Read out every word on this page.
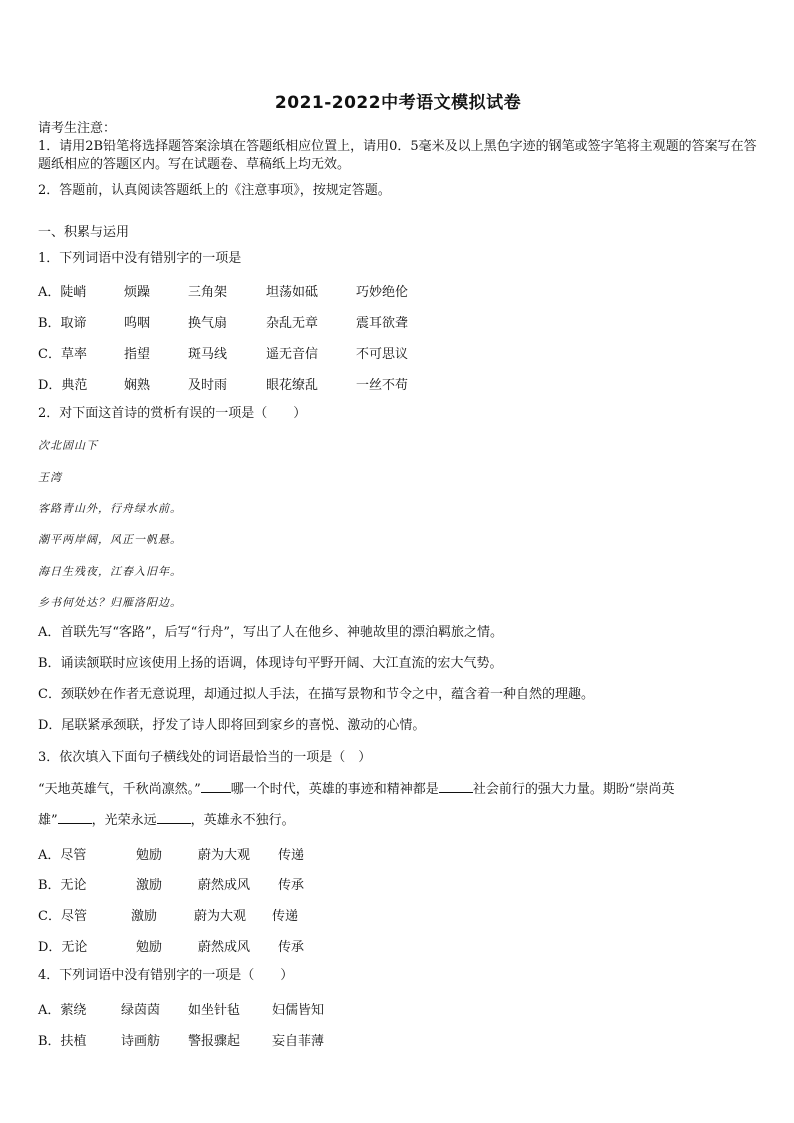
2021-2022中考语文模拟试卷
请考生注意：
1．请用2B铅笔将选择题答案涂填在答题纸相应位置上，请用0．5毫米及以上黑色字迹的钢笔或签字笔将主观题的答案写在答题纸相应的答题区内。写在试题卷、草稿纸上均无效。
2．答题前，认真阅读答题纸上的《注意事项》，按规定答题。
一、积累与运用
1．下列词语中没有错别字的一项是
A．陡峭	烦躁	三角架	坦荡如砥	巧妙绝伦
B．取谛	呜咽	换气扇	杂乱无章	震耳欲聋
C．草率	指望	斑马线	遥无音信	不可思议
D．典范	娴熟	及时雨	眼花缭乱	一丝不苟
2．对下面这首诗的赏析有误的一项是（　　）
次北固山下
王湾
客路青山外，行舟绿水前。
潮平两岸阔，风正一帆悬。
海日生残夜，江春入旧年。
乡书何处达？归雁洛阳边。
A．首联先写“客路”，后写“行舟”，写出了人在他乡、神驰故里的漂泊羁旅之情。
B．诵读颔联时应该使用上扬的语调，体现诗句平野开阔、大江直流的宏大气势。
C．颈联妙在作者无意说理，却通过拟人手法，在描写景物和节令之中，蕴含着一种自然的理趣。
D．尾联紧承颈联，抒发了诗人即将回到家乡的喜悦、激动的心情。
3．依次填入下面句子横线处的词语最恰当的一项是（　）
“天地英雄气，千秋尚凛然。” 哪一个时代，英雄的事迹和精神都是	社会前行的强大力量。期盼“崇尚英
雄”	，光荣永远	，英雄永不独行。
A．尽管	勉励	蔚为大观 传递
B．无论	激励	蔚然成风 传承
C．尽管	激励	蔚为大观 传递
D．无论	勉励	蔚然成风 传承
4．下列词语中没有错别字的一项是（　　）
A．萦绕	绿茵茵 如坐针毡 妇儒皆知
B．扶植	诗画舫 警报骤起 妄自菲薄
